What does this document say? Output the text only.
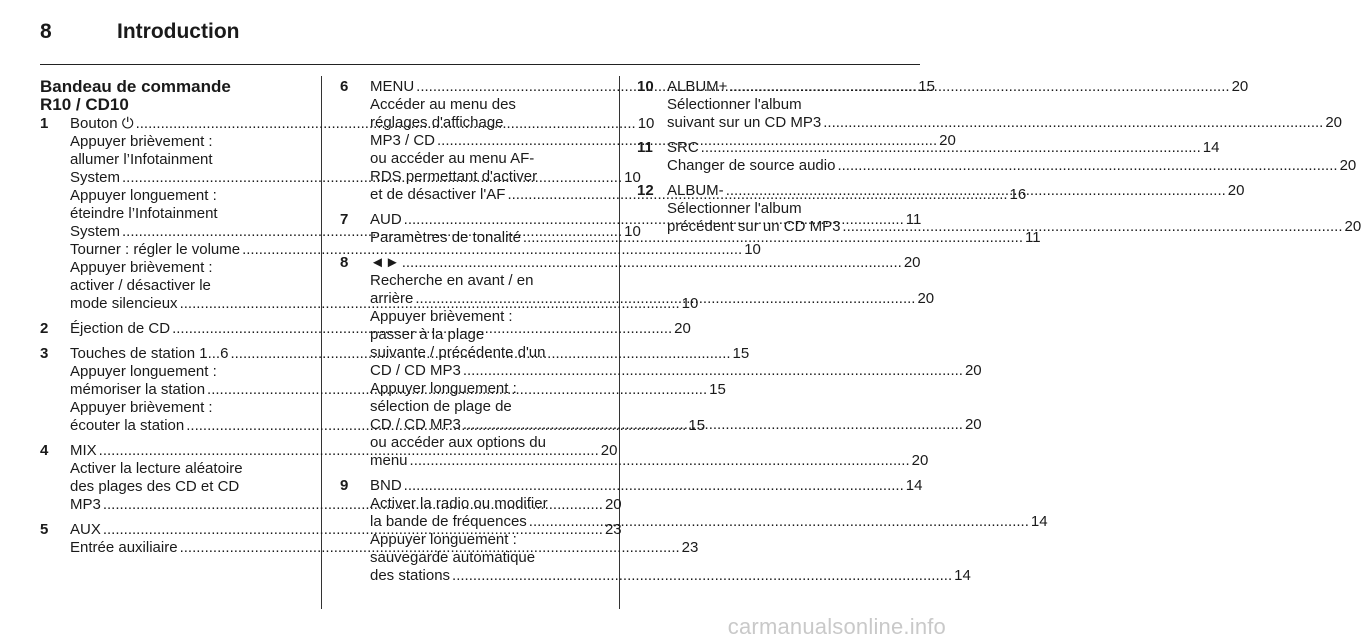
8	Introduction
Bandeau de commande
R10 / CD10
1 Bouton ⏻ .....	10
Appuyer brièvement :
allumer l’Infotainment
System .....	10
Appuyer longuement :
éteindre l’Infotainment
System .....	10
Tourner : régler le volume .....	10
Appuyer brièvement :
activer / désactiver le
mode silencieux .....	10
2 Éjection de CD .....	20
3 Touches de station 1...6 .....	15
Appuyer longuement :
mémoriser la station .....	15
Appuyer brièvement :
écouter la station .....	15
4 MIX .....	20
Activer la lecture aléatoire
des plages des CD et CD
MP3 .....	20
5 AUX .....	23
Entrée auxiliaire .....	23
6 MENU .....	15
Accéder au menu des
réglages d'affichage
MP3 / CD .....	20
ou accéder au menu AF-
RDS permettant d'activer
et de désactiver l'AF .....	16
7 AUD .....	11
Paramètres de tonalité .....	11
8 ◄► .....	20
Recherche en avant / en
arrière .....	20
Appuyer brièvement :
passer à la plage
suivante / précédente d'un
CD / CD MP3 .....	20
Appuyer longuement :
sélection de plage de
CD / CD MP3 .....	20
ou accéder aux options du
menu .....	20
9 BND .....	14
Activer la radio ou modifier
la bande de fréquences .....	14
Appuyer longuement :
sauvegarde automatique
des stations .....	14
10 ALBUM+ .....	20
Sélectionner l'album
suivant sur un CD MP3 .....	20
11 SRC .....	14
Changer de source audio .....	20
12 ALBUM- .....	20
Sélectionner l'album
précédent sur un CD MP3 .....	20
carmanualsonline.info
